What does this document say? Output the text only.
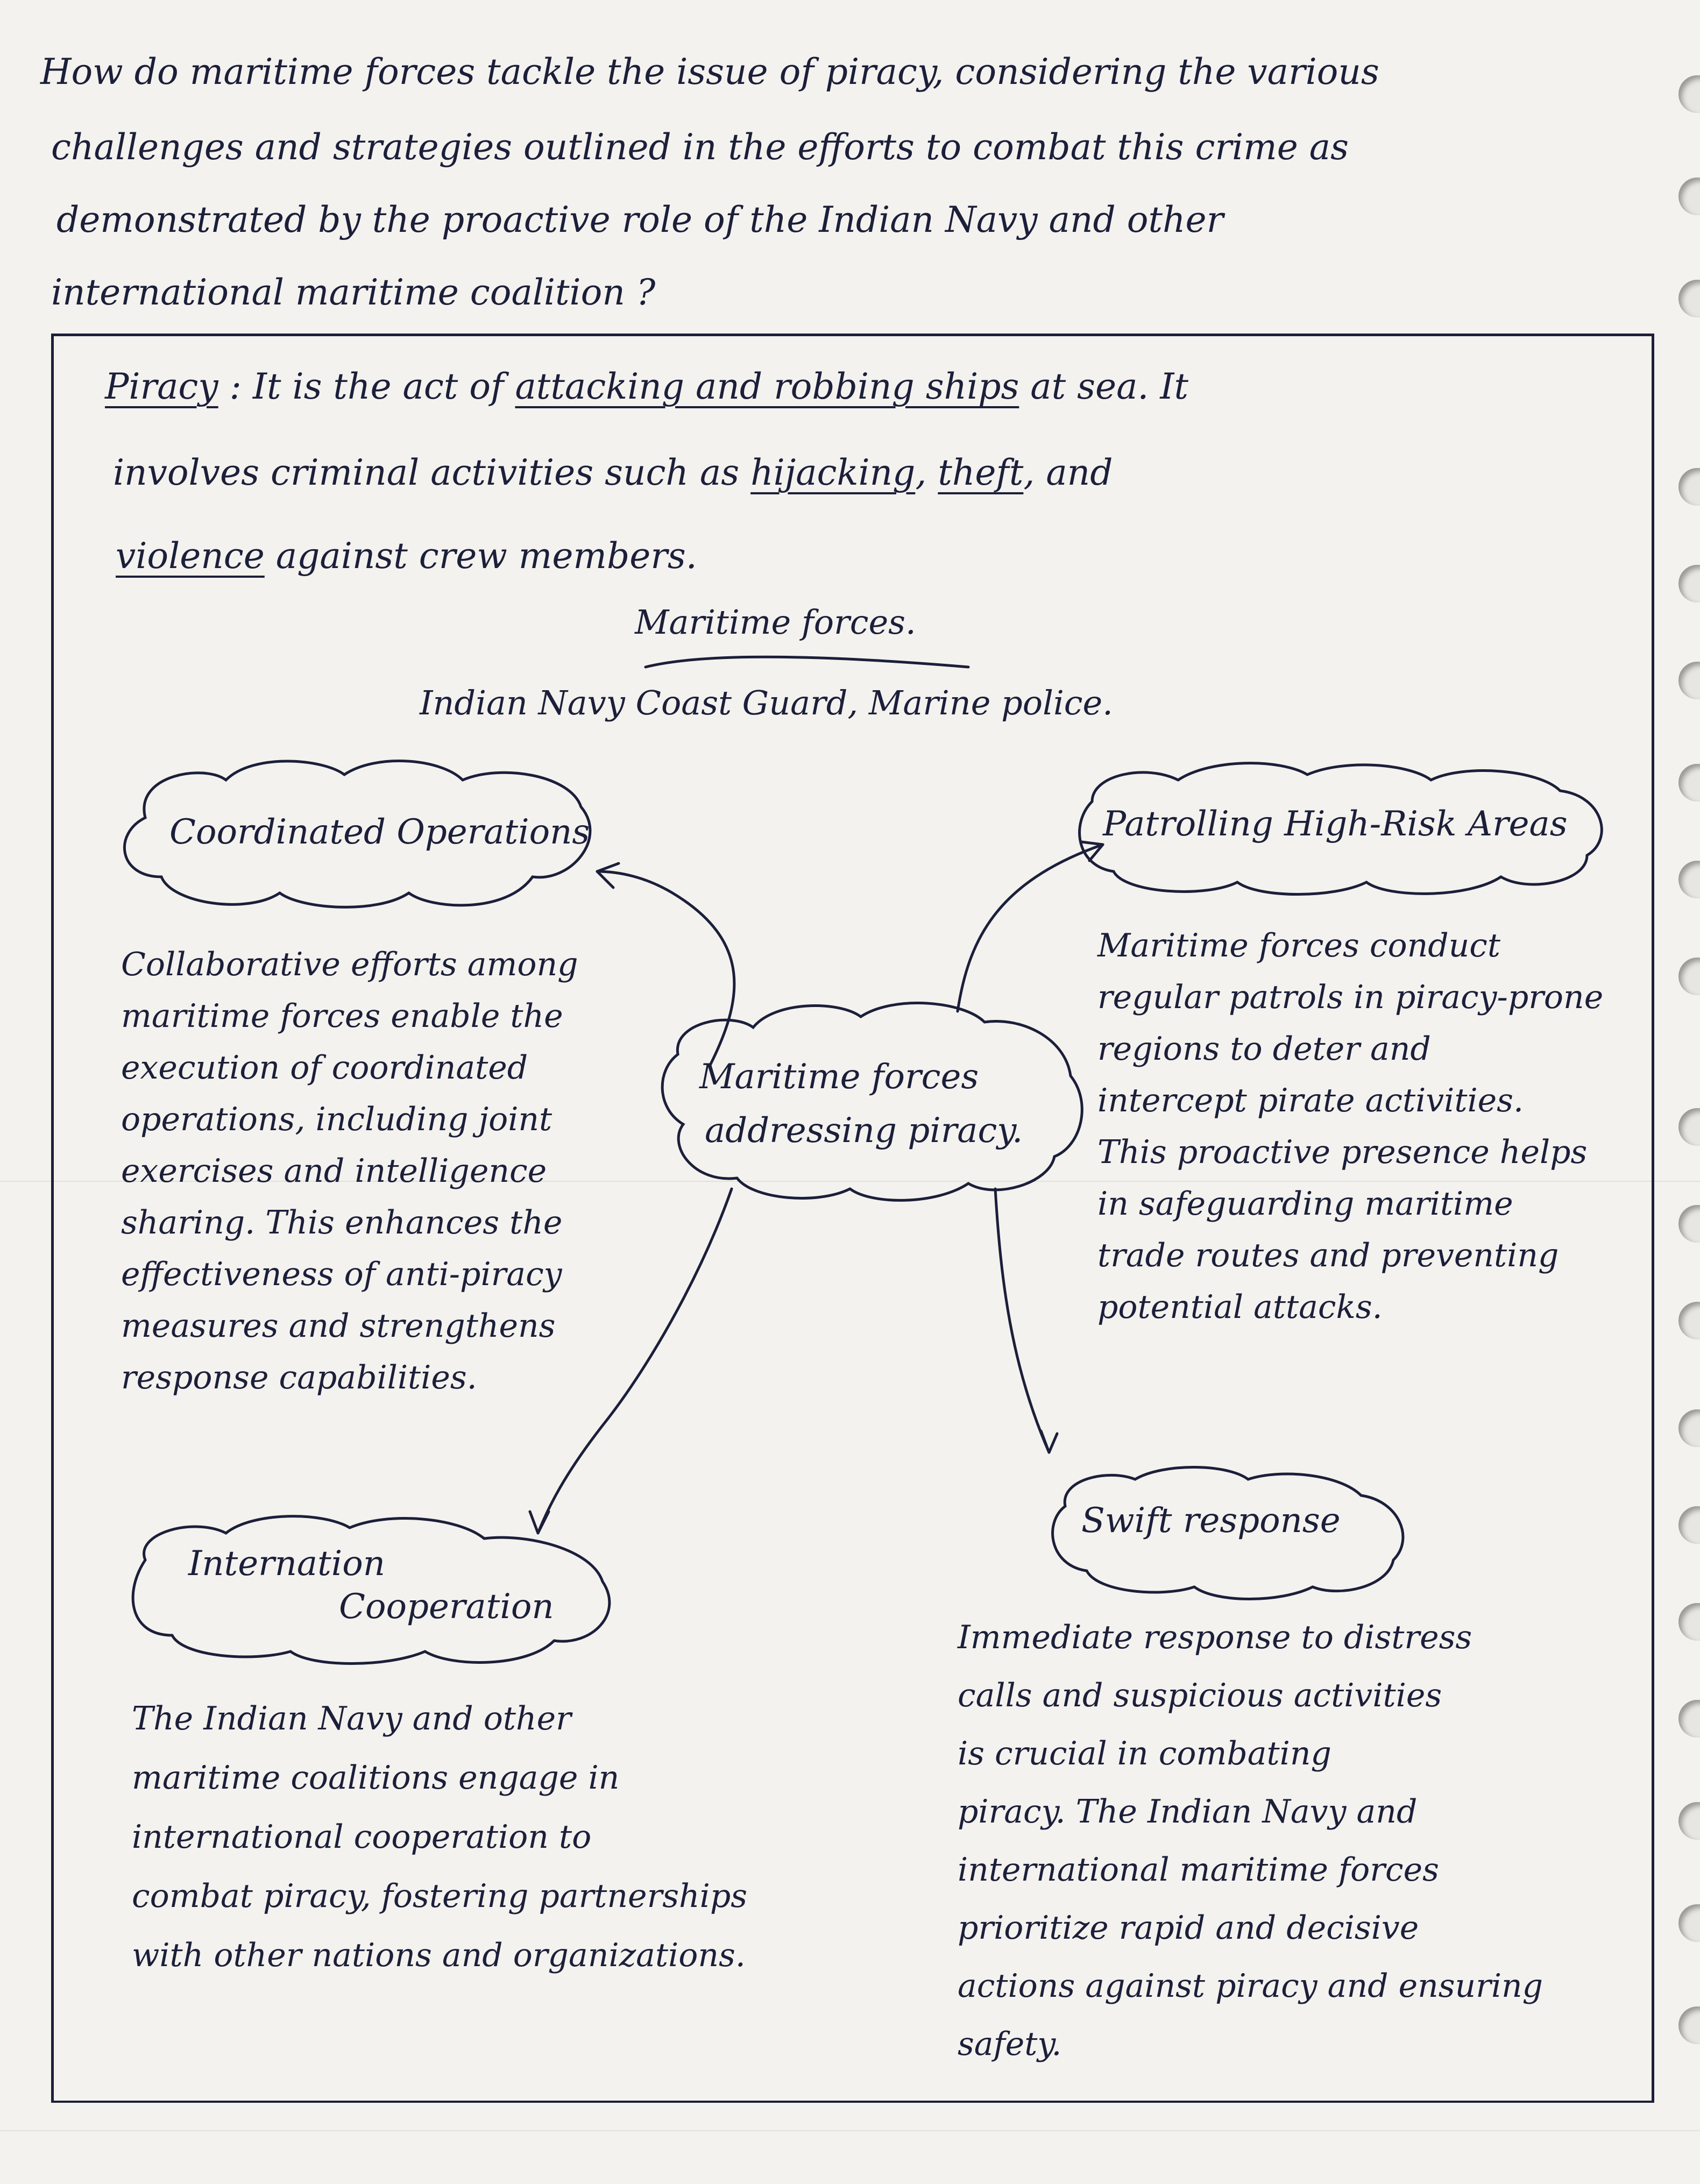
How do maritime forces tackle the issue of piracy, considering the various
challenges and strategies outlined in the efforts to combat this crime as
demonstrated by the proactive role of the Indian Navy and other
international maritime coalition ?
Piracy : It is the act of attacking and robbing ships at sea. It
involves criminal activities such as hijacking, theft, and
violence against crew members.
Maritime forces.
Indian Navy Coast Guard, Marine police.
Coordinated Operations	Patrolling High-Risk Areas
Maritime forces
addressing piracy.
Internation
Cooperation
Swift response
Collaborative efforts among
maritime forces enable the
execution of coordinated
operations, including joint
exercises and intelligence
sharing. This enhances the
effectiveness of anti-piracy
measures and strengthens
response capabilities.
Maritime forces conduct
regular patrols in piracy-prone
regions to deter and
intercept pirate activities.
This proactive presence helps
in safeguarding maritime
trade routes and preventing
potential attacks.
The Indian Navy and other
maritime coalitions engage in
international cooperation to
combat piracy, fostering partnerships
with other nations and organizations.
Immediate response to distress
calls and suspicious activities
is crucial in combating
piracy. The Indian Navy and
international maritime forces
prioritize rapid and decisive
actions against piracy and ensuring
safety.
